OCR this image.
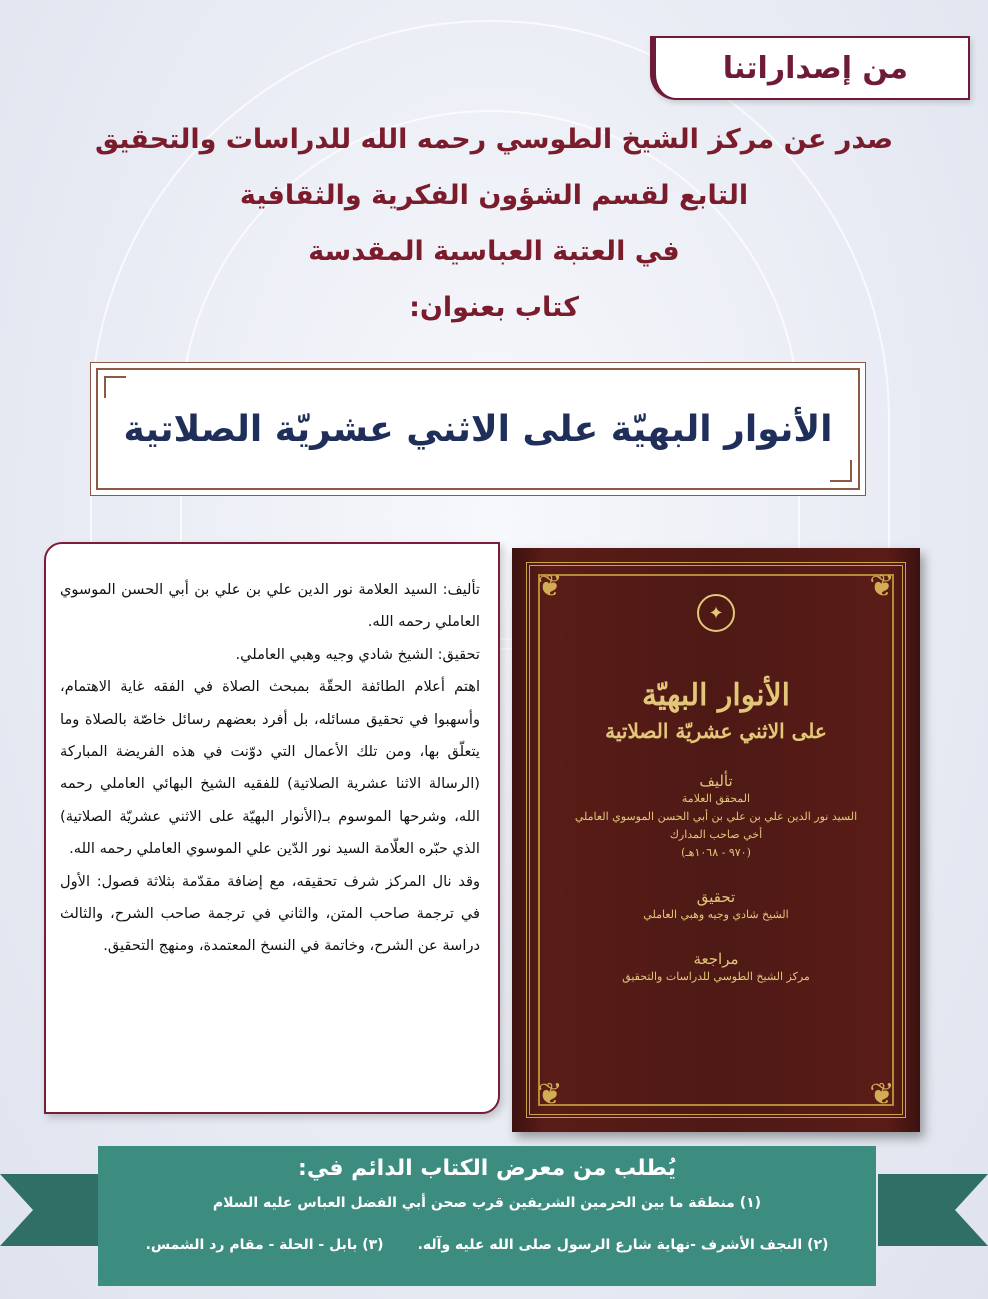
من إصداراتنا
صدر عن مركز الشيخ الطوسي رحمه الله للدراسات والتحقيق
التابع لقسم الشؤون الفكرية والثقافية
في العتبة العباسية المقدسة
كتاب بعنوان:
الأنوار البهيّة على الاثني عشريّة الصلاتية

تأليف: السيد العلامة نور الدين علي بن علي بن أبي الحسن الموسوي العاملي رحمه الله.

تحقيق: الشيخ شادي وجيه وهبي العاملي.

اهتم أعلام الطائفة الحقّة بمبحث الصلاة في الفقه غاية الاهتمام، وأسهبوا في تحقيق مسائله، بل أفرد بعضهم رسائل خاصّة بالصلاة وما يتعلّق بها، ومن تلك الأعمال التي دوّنت في هذه الفريضة المباركة (الرسالة الاثنا عشرية الصلاتية) للفقيه الشيخ البهائي العاملي رحمه الله، وشرحها الموسوم بـ(الأنوار البهيّة على الاثني عشريّة الصلاتية) الذي حبّره العلّامة السيد نور الدّين علي الموسوي العاملي رحمه الله.

وقد نال المركز شرف تحقيقه، مع إضافة مقدّمة بثلاثة فصول: الأول في ترجمة صاحب المتن، والثاني في ترجمة صاحب الشرح، والثالث دراسة عن الشرح، وخاتمة في النسخ المعتمدة، ومنهج التحقيق.

❦	❦
❦	❦
✦
الأنوار البهيّة
على الاثني عشريّة الصلاتية
تأليف
المحقق العلامة
السيد نور الدين علي بن علي بن أبي الحسن الموسوي العاملي
أخي صاحب المدارك
(٩٧٠ - ١٠٦٨هـ)
تحقيق
الشيخ شادي وجيه وهبي العاملي
مراجعة
مركز الشيخ الطوسي للدراسات والتحقيق
يُطلب من معرض الكتاب الدائم في:
(١) منطقة ما بين الحرمين الشريفين قرب صحن أبي الفضل العباس عليه السلام
(٢) النجف الأشرف -نهاية شارع الرسول صلى الله عليه وآله.
(٣) بابل - الحلة - مقام رد الشمس.
